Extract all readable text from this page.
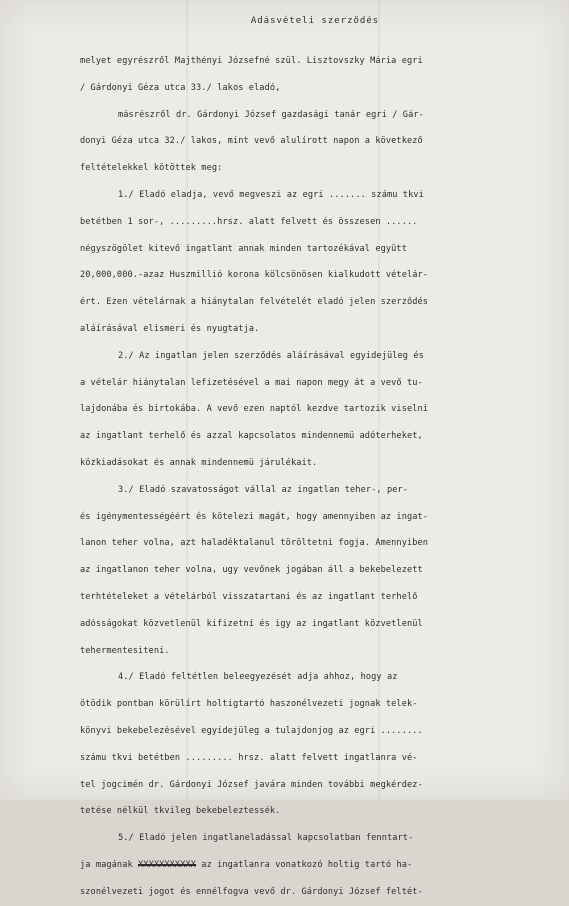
Adásvételi szerződés
melyet egyrészről Majthényi Józsefné szül. Lisztovszky Mária egri
/ Gárdonyi Géza utca 33./ lakos eladó,
másrészről dr. Gárdonyi József gazdasági tanár egri / Gár-
donyi Géza utca 32./ lakos, mint vevő alulírott napon a következő
feltételekkel kötöttek meg:
1./ Eladó eladja, vevő megveszi az egri ....... számu tkvi
betétben 1 sor-, .........hrsz. alatt felvett és összesen ......
négyszögölet kitevő ingatlant annak minden tartozékával együtt
20,000,000.-azaz Huszmillió korona kölcsönösen kialkudott vételár-
ért. Ezen vételárnak a hiánytalan felvételét eladó jelen szerződés
aláírásával elismeri és nyugtatja.
2./ Az ingatlan jelen szerződés aláírásával egyidejüleg és
a vételár hiánytalan lefizetésével a mai napon megy át a vevő tu-
lajdonába és birtokába. A vevő ezen naptól kezdve tartozik viselni
az ingatlant terhelő és azzal kapcsolatos mindennemü adóterheket,
közkiadásokat és annak mindennemü járulékait.
3./ Eladó szavatosságot vállal az ingatlan teher-, per-
és igénymentességéért és kötelezi magát, hogy amennyiben az ingat-
lanon teher volna, azt haladéktalanul töröltetni fogja. Amennyiben
az ingatlanon teher volna, ugy vevőnek jogában áll a bekebelezett
terhtételeket a vételárból visszatartani és az ingatlant terhelő
adósságokat közvetlenül kifizetni és igy az ingatlant közvetlenül
tehermentesiteni.
4./ Eladó feltétlen beleegyezését adja ahhoz, hogy az
ötödik pontban körülírt holtigtartó haszonélvezeti jognak telek-
könyvi bekebelezésével egyidejüleg a tulajdonjog az egri ........
számu tkvi betétben ......... hrsz. alatt felvett ingatlanra vé-
tel jogcimén dr. Gárdonyi József javára minden további megkérdez-
tetése nélkül tkvileg bekebeleztessék.
5./ Eladó jelen ingatlaneladással kapcsolatban fenntart-
ja magának XXXXXXXXXXX az ingatlanra vonatkozó holtig tartó ha-
szonélvezeti jogot és ennélfogva vevő dr. Gárdonyi József feltét-
